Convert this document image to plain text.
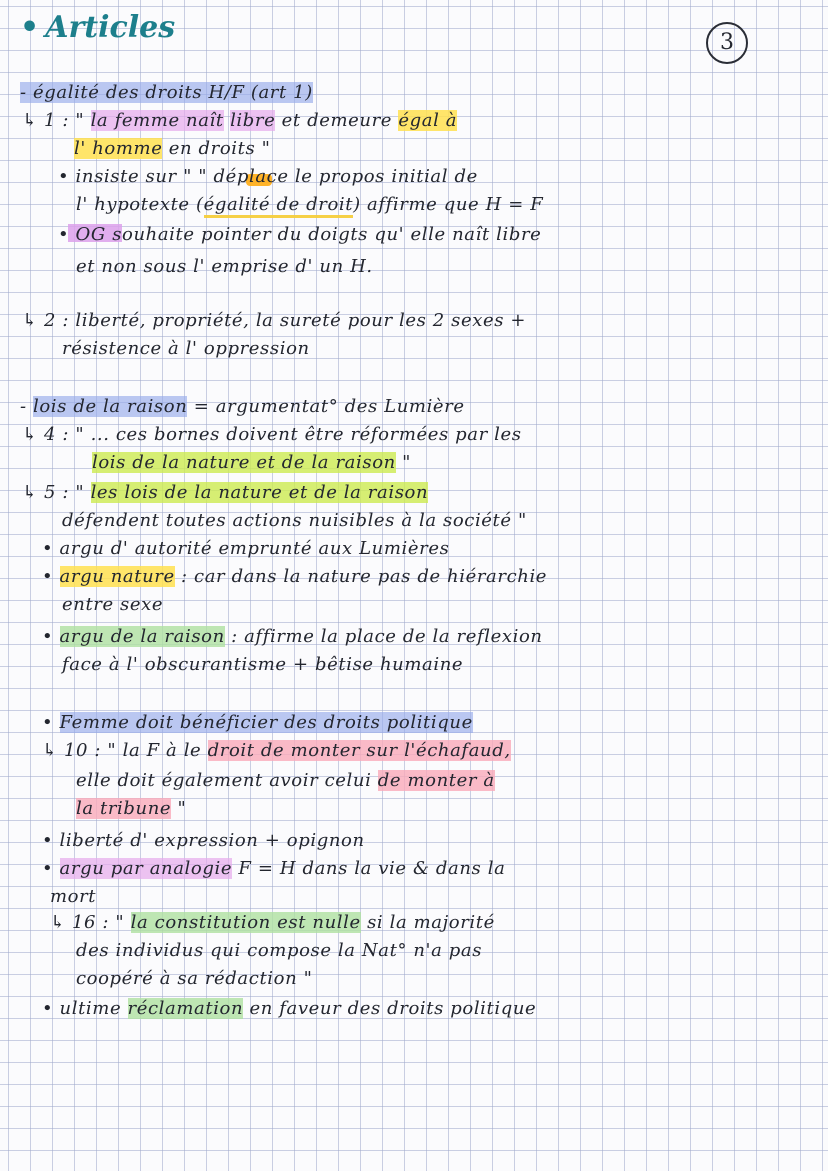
• Articles	3
- égalité des droits H/F (art 1)
↳ 1 : " la femme naît libre et demeure égal à
l' homme en droits "
• insiste sur " " déplace le propos initial de
l' hypotexte (égalité de droit) affirme que H = F
• OG souhaite pointer du doigts qu' elle naît libre
et non sous l' emprise d' un H.
↳ 2 : liberté, propriété, la sureté pour les 2 sexes +
résistence à l' oppression
- lois de la raison = argumentat° des Lumière
↳ 4 : " ... ces bornes doivent être réformées par les
lois de la nature et de la raison "
↳ 5 : " les lois de la nature et de la raison
défendent toutes actions nuisibles à la société "
• argu d' autorité emprunté aux Lumières
• argu nature : car dans la nature pas de hiérarchie
entre sexe
• argu de la raison : affirme la place de la reflexion
face à l' obscurantisme + bêtise humaine
• Femme doit bénéficier des droits politique
↳ 10 : " la F à le droit de monter sur l'échafaud,
elle doit également avoir celui de monter à
la tribune "
• liberté d' expression + opignon
• argu par analogie F = H dans la vie & dans la
mort
↳ 16 : " la constitution est nulle si la majorité
des individus qui compose la Nat° n'a pas
coopéré à sa rédaction "
• ultime réclamation en faveur des droits politique
